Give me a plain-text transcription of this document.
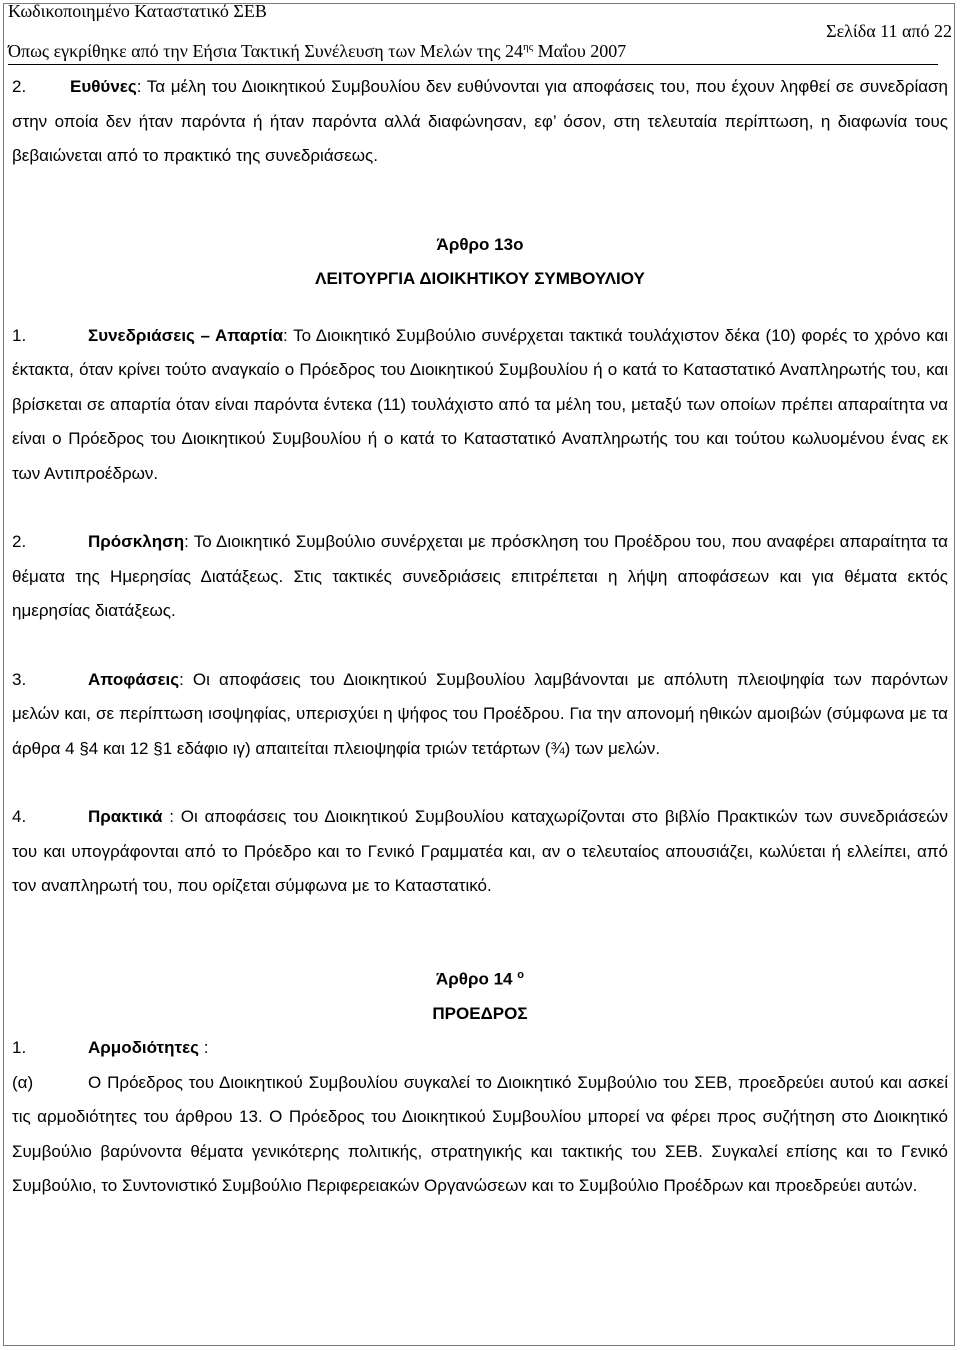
Κωδικοποιημένο Καταστατικό ΣΕΒ
Σελίδα 11 από 22
Όπως εγκρίθηκε από την Εήσια Τακτική Συνέλευση των Μελών της $24^{\eta\varsigma}$ Μαΐου 2007

2.	Ευθύνες: Τα μέλη του Διοικητικού Συμβουλίου δεν ευθύνονται για αποφάσεις του, που έχουν ληφθεί σε συνεδρίαση στην οποία δεν ήταν παρόντα ή ήταν παρόντα αλλά διαφώνησαν, εφ’ όσον, στη τελευταία περίπτωση, η διαφωνία τους βεβαιώνεται από το πρακτικό της συνεδριάσεως.

Άρθρο 13ο

ΛΕΙΤΟΥΡΓΙΑ ΔΙΟΙΚΗΤΙΚΟΥ ΣΥΜΒΟΥΛΙΟΥ

1.	Συνεδριάσεις – Απαρτία: Το Διοικητικό Συμβούλιο συνέρχεται τακτικά τουλάχιστον δέκα (10) φορές το χρόνο και έκτακτα, όταν κρίνει τούτο αναγκαίο ο Πρόεδρος του Διοικητικού Συμβουλίου ή ο κατά το Καταστατικό Αναπληρωτής του, και βρίσκεται σε απαρτία όταν είναι παρόντα έντεκα (11) τουλάχιστο από τα μέλη του, μεταξύ των οποίων πρέπει απαραίτητα να είναι ο Πρόεδρος του Διοικητικού Συμβουλίου ή ο κατά το Καταστατικό Αναπληρωτής του και τούτου κωλυομένου ένας εκ των Αντιπροέδρων.

2.	Πρόσκληση: Το Διοικητικό Συμβούλιο συνέρχεται με πρόσκληση του Προέδρου του, που αναφέρει απαραίτητα τα θέματα της Ημερησίας Διατάξεως. Στις τακτικές συνεδριάσεις επιτρέπεται η λήψη αποφάσεων και για θέματα εκτός ημερησίας διατάξεως.

3.	Αποφάσεις: Οι αποφάσεις του Διοικητικού Συμβουλίου λαμβάνονται με απόλυτη πλειοψηφία των παρόντων μελών και, σε περίπτωση ισοψηφίας, υπερισχύει η ψήφος του Προέδρου. Για την απονομή ηθικών αμοιβών (σύμφωνα με τα άρθρα 4 §4 και 12 §1 εδάφιο ιγ) απαιτείται πλειοψηφία τριών τετάρτων (¾) των μελών.

4.	Πρακτικά : Οι αποφάσεις του Διοικητικού Συμβουλίου καταχωρίζονται στο βιβλίο Πρακτικών των συνεδριάσεών του και υπογράφονται από το Πρόεδρο και το Γενικό Γραμματέα και, αν ο τελευταίος απουσιάζει, κωλύεται ή ελλείπει, από τον αναπληρωτή του, που ορίζεται σύμφωνα με το Καταστατικό.

Άρθρο 14 $^o$

ΠΡΟΕΔΡΟΣ

1.	Αρμοδιότητες :

(α)	Ο Πρόεδρος του Διοικητικού Συμβουλίου συγκαλεί το Διοικητικό Συμβούλιο του ΣΕΒ, προεδρεύει αυτού και ασκεί τις αρμοδιότητες του άρθρου 13. Ο Πρόεδρος του Διοικητικού Συμβουλίου μπορεί να φέρει προς συζήτηση στο Διοικητικό Συμβούλιο βαρύνοντα θέματα γενικότερης πολιτικής, στρατηγικής και τακτικής του ΣΕΒ. Συγκαλεί επίσης και το Γενικό Συμβούλιο, το Συντονιστικό Συμβούλιο Περιφερειακών Οργανώσεων και το Συμβούλιο Προέδρων και προεδρεύει αυτών.
